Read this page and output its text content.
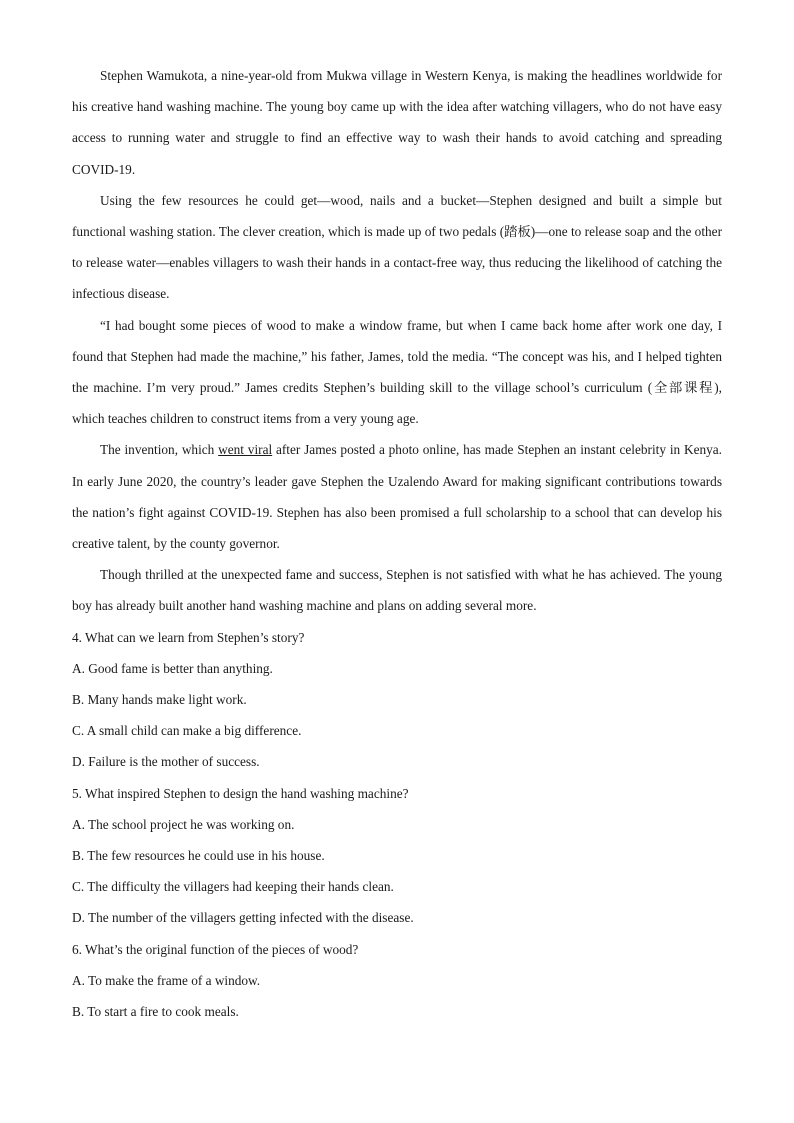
Stephen Wamukota, a nine-year-old from Mukwa village in Western Kenya, is making the headlines worldwide for his creative hand washing machine. The young boy came up with the idea after watching villagers, who do not have easy access to running water and struggle to find an effective way to wash their hands to avoid catching and spreading COVID-19.

Using the few resources he could get—wood, nails and a bucket—Stephen designed and built a simple but functional washing station. The clever creation, which is made up of two pedals (踏板)—one to release soap and the other to release water—enables villagers to wash their hands in a contact-free way, thus reducing the likelihood of catching the infectious disease.

“I had bought some pieces of wood to make a window frame, but when I came back home after work one day, I found that Stephen had made the machine,” his father, James, told the media. “The concept was his, and I helped tighten the machine. I’m very proud.” James credits Stephen’s building skill to the village school’s curriculum (全部课程), which teaches children to construct items from a very young age.

The invention, which went viral after James posted a photo online, has made Stephen an instant celebrity in Kenya. In early June 2020, the country’s leader gave Stephen the Uzalendo Award for making significant contributions towards the nation’s fight against COVID-19. Stephen has also been promised a full scholarship to a school that can develop his creative talent, by the county governor.

Though thrilled at the unexpected fame and success, Stephen is not satisfied with what he has achieved. The young boy has already built another hand washing machine and plans on adding several more.

4. What can we learn from Stephen’s story?

A. Good fame is better than anything.

B. Many hands make light work.

C. A small child can make a big difference.

D. Failure is the mother of success.

5. What inspired Stephen to design the hand washing machine?

A. The school project he was working on.

B. The few resources he could use in his house.

C. The difficulty the villagers had keeping their hands clean.

D. The number of the villagers getting infected with the disease.

6. What’s the original function of the pieces of wood?

A. To make the frame of a window.

B. To start a fire to cook meals.
